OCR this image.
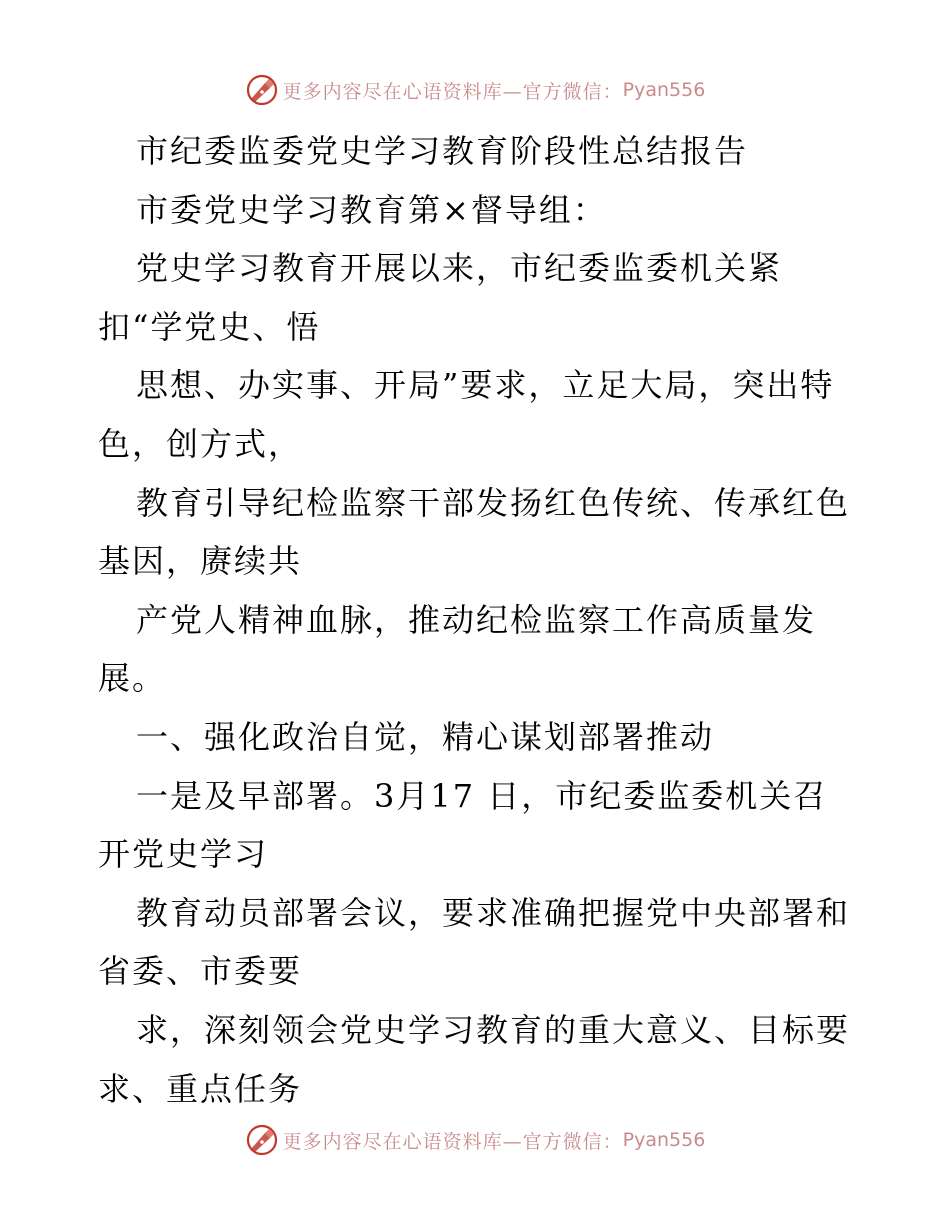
更多内容尽在心语资料库—官方微信： Pyan556
市纪委监委党史学习教育阶段性总结报告
市委党史学习教育第×督导组：
党史学习教育开展以来，市纪委监委机关紧
扣“学党史、悟
思想、办实事、开局”要求，立足大局，突出特
色，创方式，
教育引导纪检监察干部发扬红色传统、传承红色
基因，赓续共
产党人精神血脉，推动纪检监察工作高质量发
展。
一、强化政治自觉，精心谋划部署推动
一是及早部署。3月17 日，市纪委监委机关召
开党史学习
教育动员部署会议，要求准确把握党中央部署和
省委、市委要
求，深刻领会党史学习教育的重大意义、目标要
求、重点任务
更多内容尽在心语资料库—官方微信： Pyan556
